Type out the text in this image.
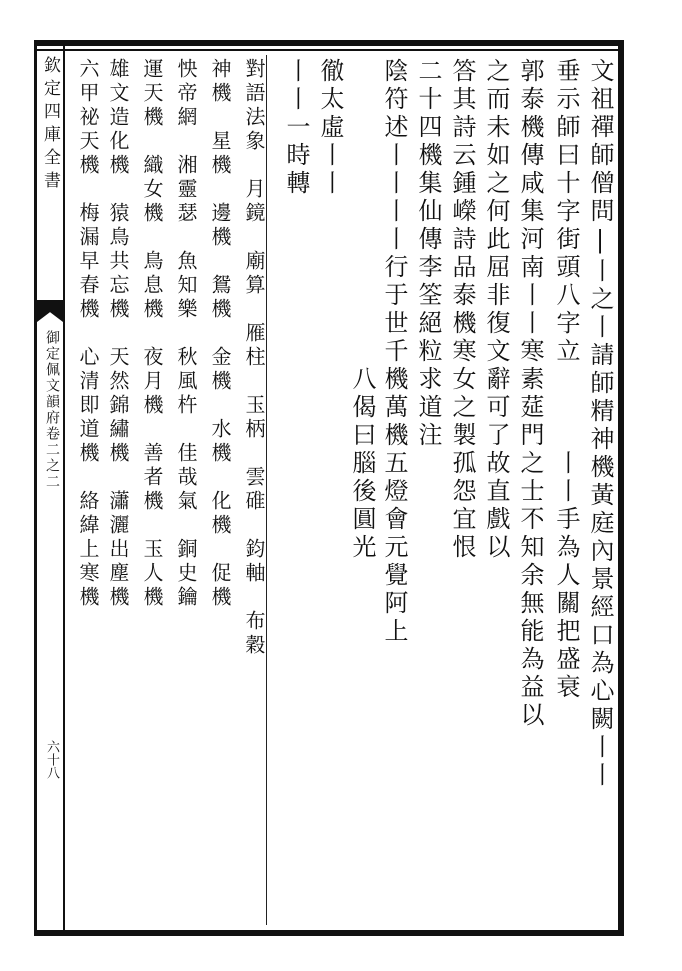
欽定四庫全書
御定佩文韻府卷二之二
六十八	文祖禪師僧問|丨之丨請師精神機黃庭內景經口為心闕丨丨
垂示師曰十字街頭八字立　　　丨丨手為人關把盛衰
郭泰機傳咸集河南丨丨寒素莚門之士不知余無能為益以
之而未如之何此屈非復文辭可了故直戲以
答其詩云鍾嶸詩品泰機寒女之製孤怨宜恨
二十四機集仙傳李筌絕粒求道注
陰符述丨丨丨丨行于世千機萬機五燈會元覺阿上
　　　　　　　　　　　八偈曰腦後圓光
徹太虛丨丨
丨丨一時轉
對語法象　月鏡　廟算　雁柱　玉柄　雲碓　鈞軸　布穀
神機　星機　邊機　鴛機　金機　水機　化機　促機
怏帝網　湘靈瑟　魚知樂　秋風杵　佳哉氣　銅史鑰
運天機　織女機　鳥息機　夜月機　善者機　玉人機
雄文造化機　猿鳥共忘機　天然錦繡機　瀟灑出塵機
六甲祕天機　梅漏早春機　心清即道機　絡緯上寒機
